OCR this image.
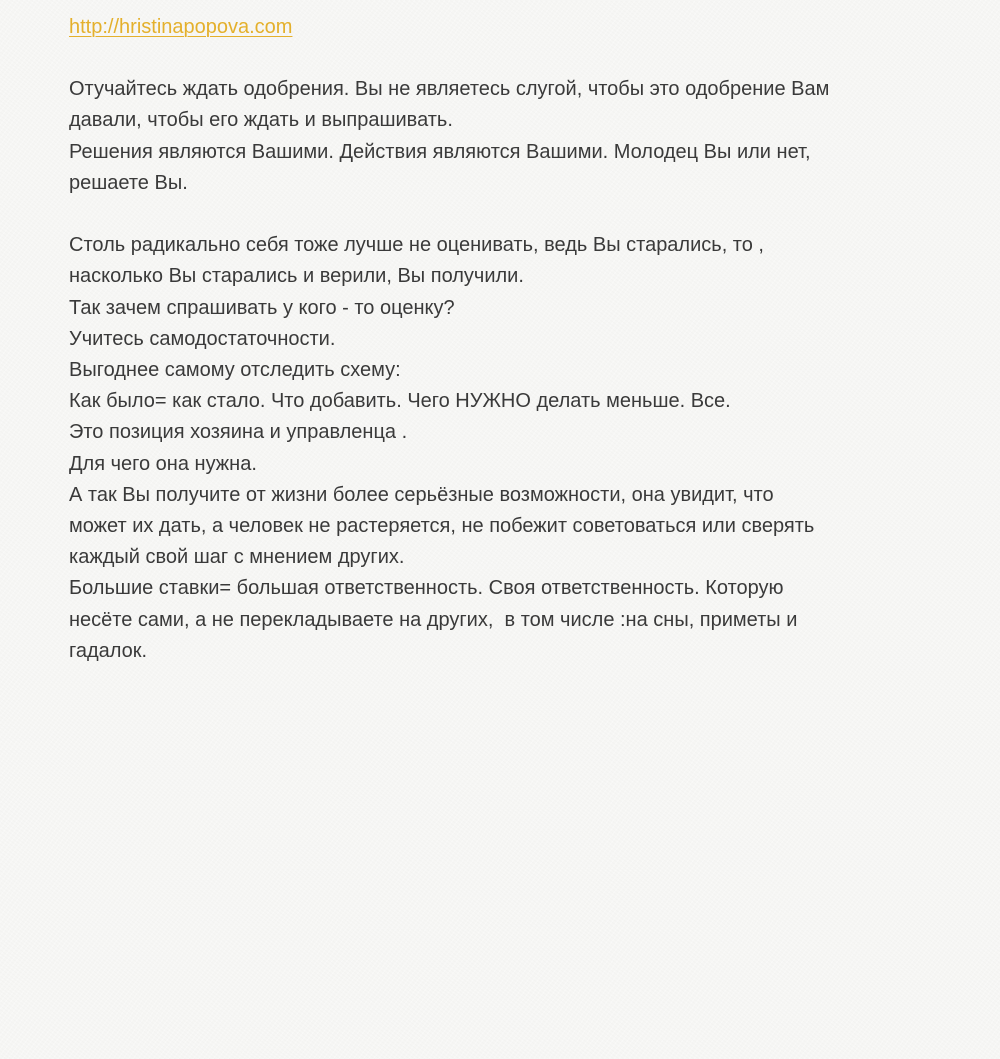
http://hristinapopova.com
Отучайтесь ждать одобрения. Вы не являетесь слугой, чтобы это одобрение Вам
давали, чтобы его ждать и выпрашивать.
Решения являются Вашими. Действия являются Вашими. Молодец Вы или нет,
решаете Вы.
Столь радикально себя тоже лучше не оценивать, ведь Вы старались, то ,
насколько Вы старались и верили, Вы получили.
Так зачем спрашивать у кого - то оценку?
Учитесь самодостаточности.
Выгоднее самому отследить схему:
Как было= как стало. Что добавить. Чего НУЖНО делать меньше. Все.
Это позиция хозяина и управленца .
Для чего она нужна.
А так Вы получите от жизни более серьёзные возможности, она увидит, что
может их дать, а человек не растеряется, не побежит советоваться или сверять
каждый свой шаг с мнением других.
Большие ставки= большая ответственность. Своя ответственность. Которую
несёте сами, а не перекладываете на других,  в том числе :на сны, приметы и
гадалок.
